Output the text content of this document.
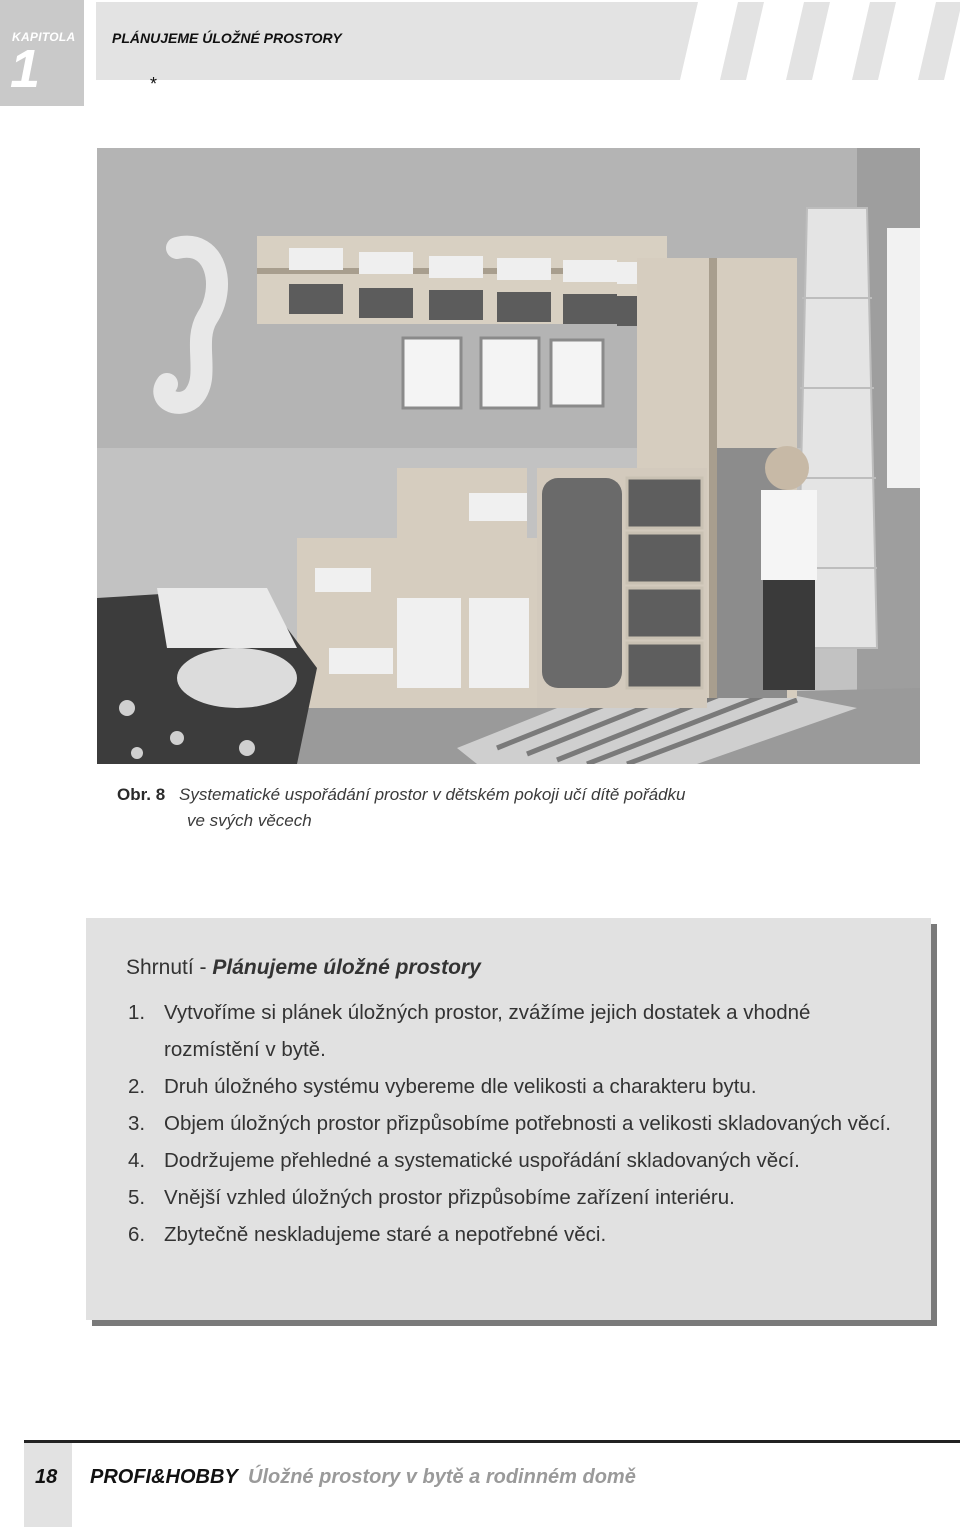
KAPITOLA
1
PLÁNUJEME ÚLOŽNÉ PROSTORY
*
Obr. 8 Systematické uspořádání prostor v dětském pokoji učí dítě pořádku
ve svých věcech
Shrnutí - Plánujeme úložné prostory
1. Vytvoříme si plánek úložných prostor, zvážíme jejich dostatek a vhodné rozmístění v bytě.
2. Druh úložného systému vybereme dle velikosti a charakteru bytu.
3. Objem úložných prostor přizpůsobíme potřebnosti a velikosti skladovaných věcí.
4. Dodržujeme přehledné a systematické uspořádání skladovaných věcí.
5. Vnější vzhled úložných prostor přizpůsobíme zařízení interiéru.
6. Zbytečně neskladujeme staré a nepotřebné věci.
18 PROFI&HOBBY Úložné prostory v bytě a rodinném domě
